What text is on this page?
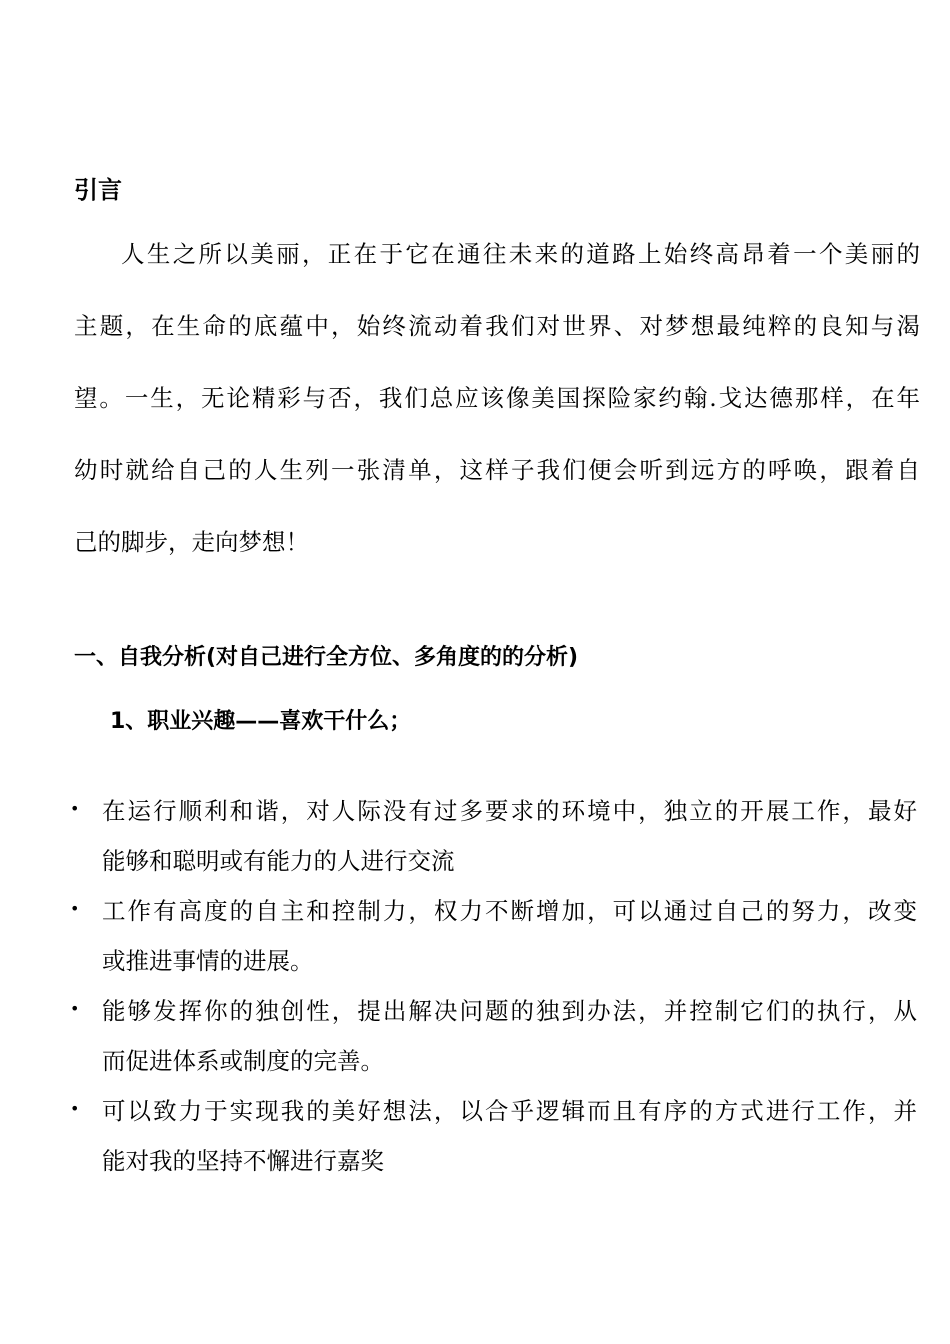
引言
人生之所以美丽，正在于它在通往未来的道路上始终高昂着一个美丽的
主题，在生命的底蕴中，始终流动着我们对世界、对梦想最纯粹的良知与渴
望。一生，无论精彩与否，我们总应该像美国探险家约翰.戈达德那样，在年
幼时就给自己的人生列一张清单，这样子我们便会听到远方的呼唤，跟着自
己的脚步，走向梦想！
一、自我分析(对自己进行全方位、多角度的的分析)
1、职业兴趣——喜欢干什么；
• 在运行顺利和谐，对人际没有过多要求的环境中，独立的开展工作，最好
能够和聪明或有能力的人进行交流
• 工作有高度的自主和控制力，权力不断增加，可以通过自己的努力，改变
或推进事情的进展。
• 能够发挥你的独创性，提出解决问题的独到办法，并控制它们的执行，从
而促进体系或制度的完善。
• 可以致力于实现我的美好想法，以合乎逻辑而且有序的方式进行工作，并
能对我的坚持不懈进行嘉奖
